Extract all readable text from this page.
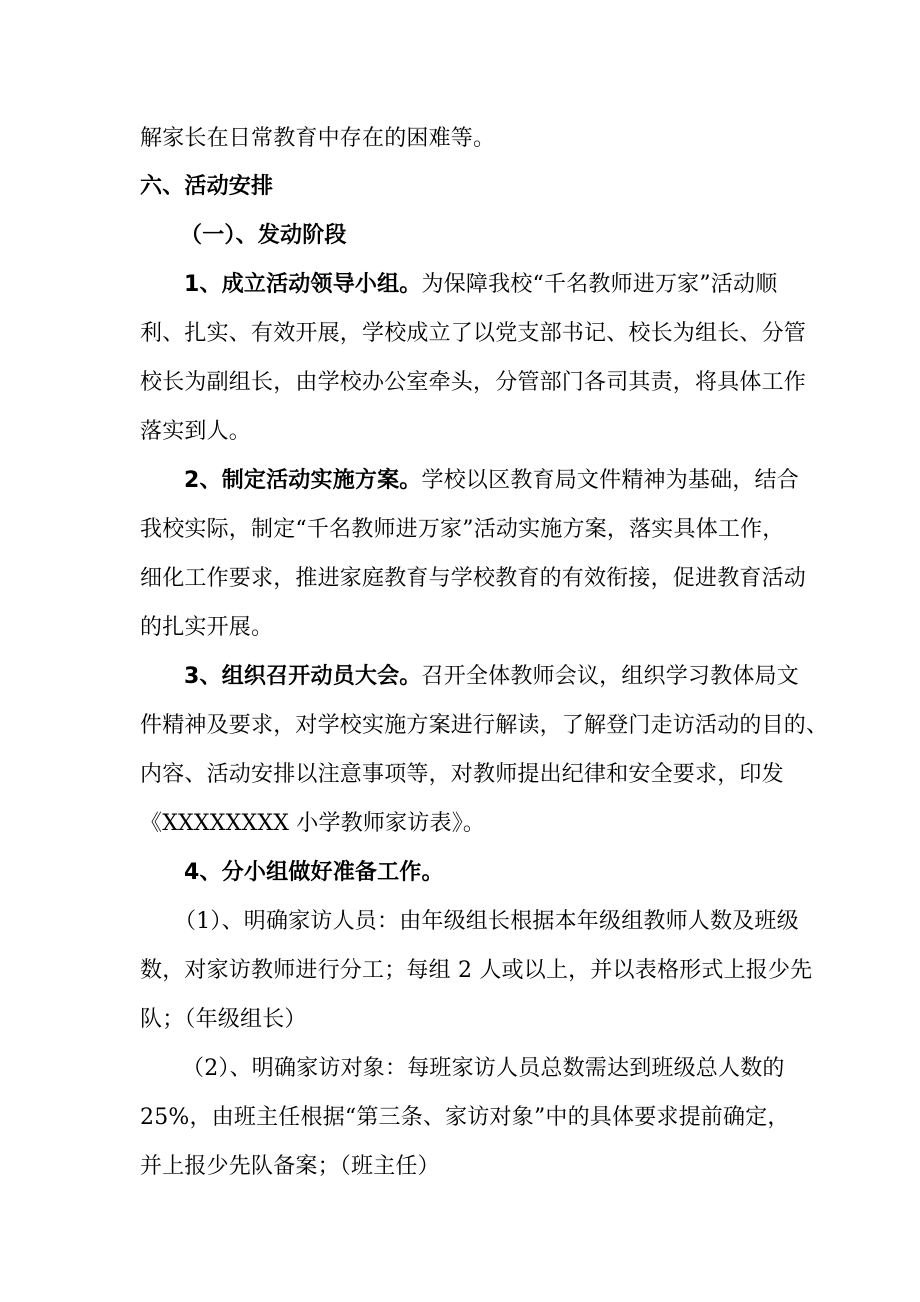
解家长在日常教育中存在的困难等。
六、活动安排
（一）、发动阶段
1、成立活动领导小组。为保障我校“千名教师进万家”活动顺
利、扎实、有效开展，学校成立了以党支部书记、校长为组长、分管
校长为副组长，由学校办公室牵头，分管部门各司其责，将具体工作
落实到人。
2、制定活动实施方案。学校以区教育局文件精神为基础，结合
我校实际，制定“千名教师进万家”活动实施方案，落实具体工作，
细化工作要求，推进家庭教育与学校教育的有效衔接，促进教育活动
的扎实开展。
3、组织召开动员大会。召开全体教师会议，组织学习教体局文
件精神及要求，对学校实施方案进行解读，了解登门走访活动的目的、
内容、活动安排以注意事项等，对教师提出纪律和安全要求，印发
《XXXXXXXX 小学教师家访表》。
4、分小组做好准备工作。
（1）、明确家访人员：由年级组长根据本年级组教师人数及班级
数，对家访教师进行分工；每组 2 人或以上，并以表格形式上报少先
队；（年级组长）
（2）、明确家访对象：每班家访人员总数需达到班级总人数的
25%，由班主任根据“第三条、家访对象”中的具体要求提前确定，
并上报少先队备案；（班主任）
